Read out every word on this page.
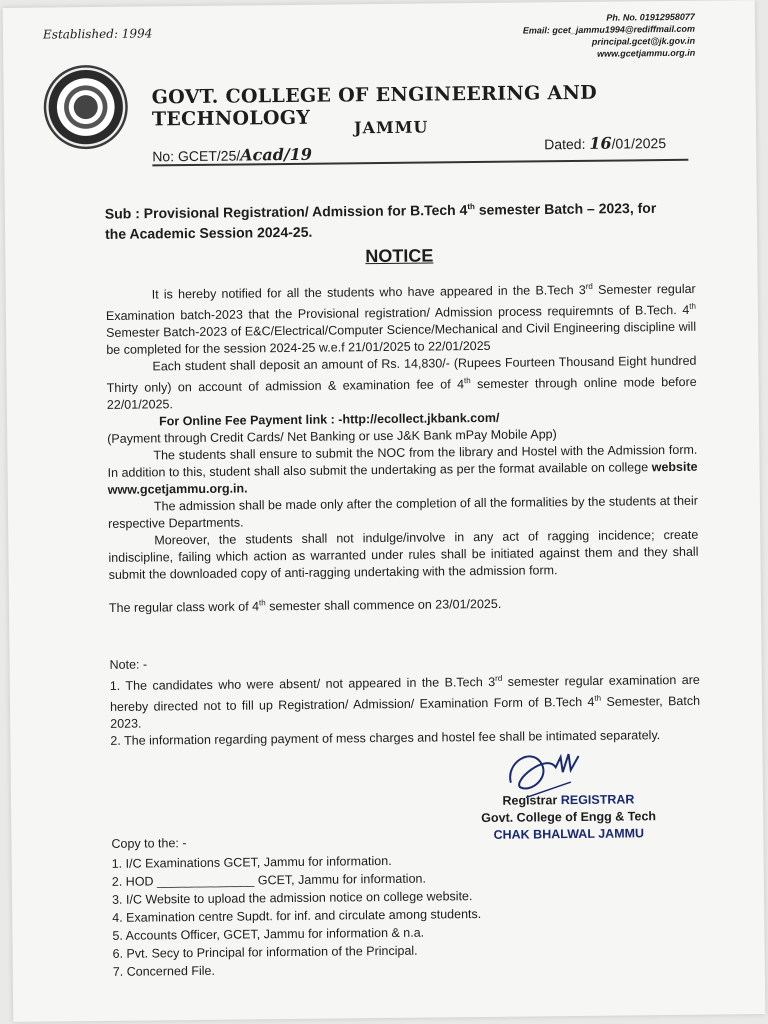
Established: 1994
Ph. No. 01912958077
Email: gcet_jammu1994@rediffmail.com
principal.gcet@jk.gov.in
www.gcetjammu.org.in
GOVT. COLLEGE OF ENGINEERING AND TECHNOLOGY	JAMMU
No: GCET/25/Acad/19
Dated: 16/01/2025
Sub : Provisional Registration/ Admission for B.Tech 4th semester Batch – 2023, for the Academic Session 2024-25.
NOTICE

It is hereby notified for all the students who have appeared in the B.Tech 3rd Semester regular Examination batch-2023 that the Provisional registration/ Admission process requiremnts of B.Tech. 4th Semester Batch-2023 of E&C/Electrical/Computer Science/Mechanical and Civil Engineering discipline will be completed for the session 2024-25 w.e.f 21/01/2025 to 22/01/2025

Each student shall deposit an amount of Rs. 14,830/- (Rupees Fourteen Thousand Eight hundred Thirty only) on account of admission & examination fee of 4th semester through online mode before 22/01/2025.

For Online Fee Payment link : -http://ecollect.jkbank.com/

(Payment through Credit Cards/ Net Banking or use J&K Bank mPay Mobile App)

The students shall ensure to submit the NOC from the library and Hostel with the Admission form. In addition to this, student shall also submit the undertaking as per the format available on college website www.gcetjammu.org.in.

The admission shall be made only after the completion of all the formalities by the students at their respective Departments.

Moreover, the students shall not indulge/involve in any act of ragging incidence; create indiscipline, failing which action as warranted under rules shall be initiated against them and they shall submit the downloaded copy of anti-ragging undertaking with the admission form.

The regular class work of 4th semester shall commence on 23/01/2025.

Note: -

1. The candidates who were absent/ not appeared in the B.Tech 3rd semester regular examination are hereby directed not to fill up Registration/ Admission/ Examination Form of B.Tech 4th Semester, Batch 2023.

2. The information regarding payment of mess charges and hostel fee shall be intimated separately.

Registrar REGISTRAR
Govt. College of Engg & Tech
CHAK BHALWAL JAMMU
Copy to the: -
1. I/C Examinations GCET, Jammu for information.
2. HOD ______________ GCET, Jammu for information.
3. I/C Website to upload the admission notice on college website.
4. Examination centre Supdt. for inf. and circulate among students.
5. Accounts Officer, GCET, Jammu for information & n.a.
6. Pvt. Secy to Principal for information of the Principal.
7. Concerned File.
